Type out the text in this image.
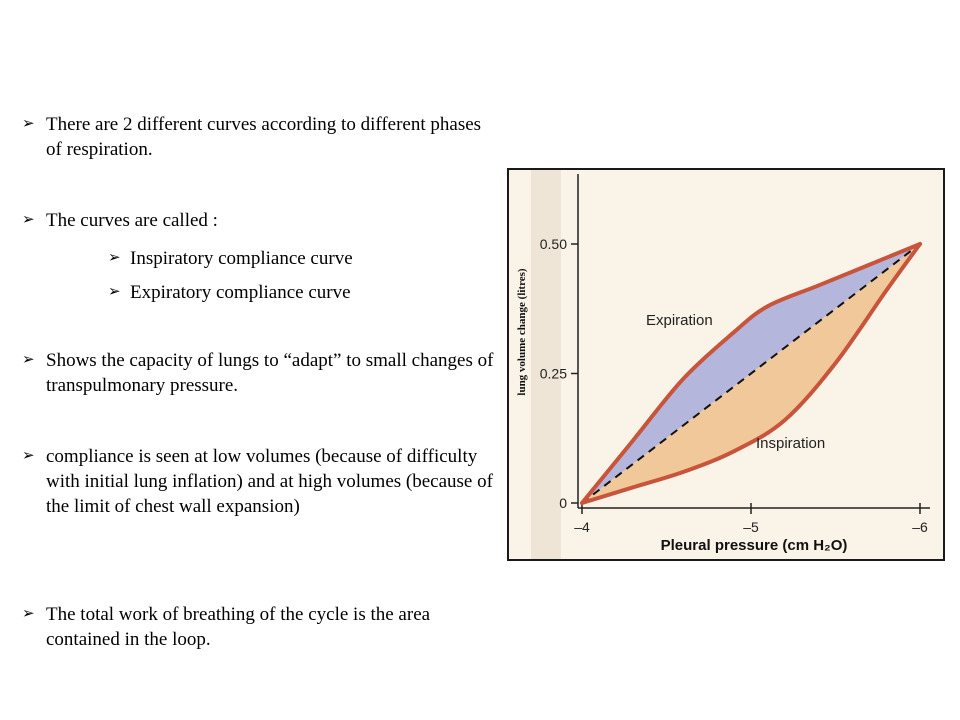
➢ There are 2 different curves according to different phases of respiration.
➢ The curves are called :
➢ Inspiratory compliance curve
➢ Expiratory compliance curve
➢ Shows the capacity of lungs to “adapt” to small changes of transpulmonary pressure.
➢ compliance is seen at low volumes (because of difficulty with initial lung inflation) and at high volumes (because of the limit of chest wall expansion)
➢ The total work of breathing of the cycle is the area contained in the loop.
–4	–5	–6
0
0.25
0.50
Expiration
Inspiration
Pleural pressure (cm H₂O)
lung volume change (litres)
